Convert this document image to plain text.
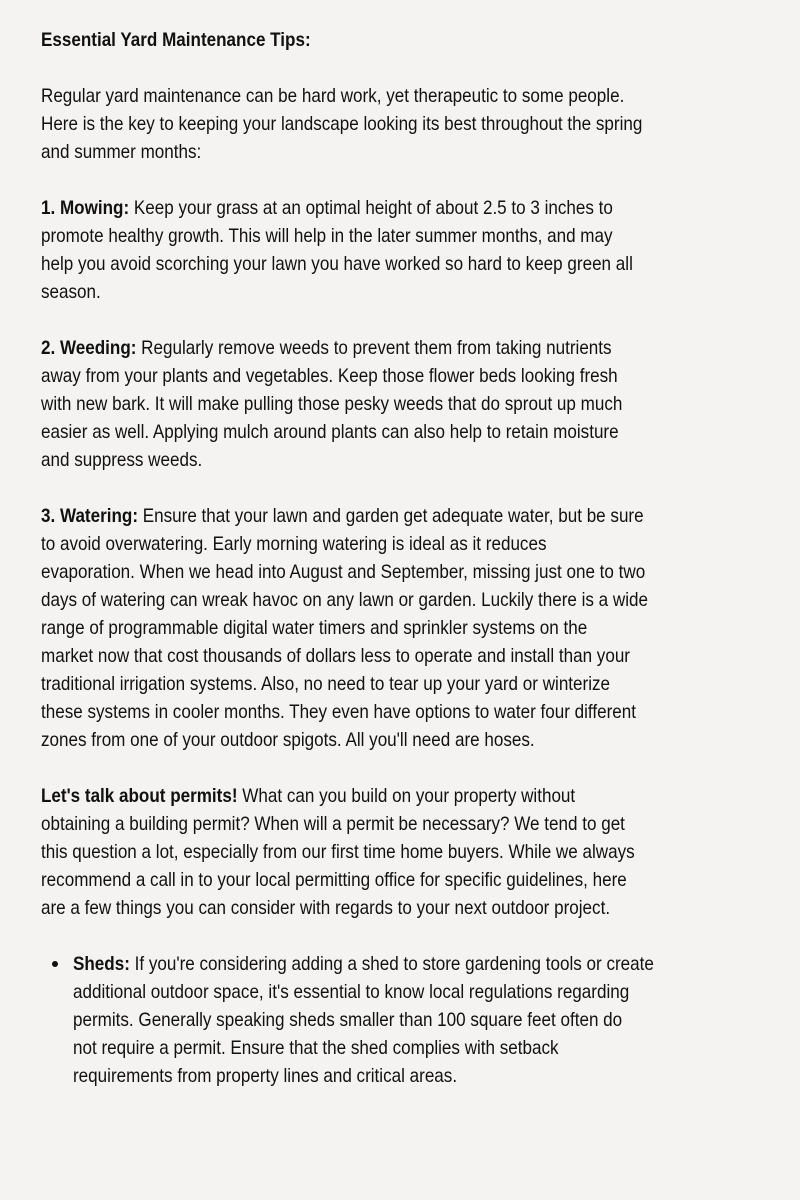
Essential Yard Maintenance Tips:
Regular yard maintenance can be hard work, yet therapeutic to some people.
Here is the key to keeping your landscape looking its best throughout the spring
and summer months:
1. Mowing: Keep your grass at an optimal height of about 2.5 to 3 inches to
promote healthy growth. This will help in the later summer months, and may
help you avoid scorching your lawn you have worked so hard to keep green all
season.
2. Weeding: Regularly remove weeds to prevent them from taking nutrients
away from your plants and vegetables. Keep those flower beds looking fresh
with new bark. It will make pulling those pesky weeds that do sprout up much
easier as well. Applying mulch around plants can also help to retain moisture
and suppress weeds.
3. Watering: Ensure that your lawn and garden get adequate water, but be sure
to avoid overwatering. Early morning watering is ideal as it reduces
evaporation. When we head into August and September, missing just one to two
days of watering can wreak havoc on any lawn or garden. Luckily there is a wide
range of programmable digital water timers and sprinkler systems on the
market now that cost thousands of dollars less to operate and install than your
traditional irrigation systems. Also, no need to tear up your yard or winterize
these systems in cooler months. They even have options to water four different
zones from one of your outdoor spigots. All you'll need are hoses.
Let's talk about permits! What can you build on your property without
obtaining a building permit? When will a permit be necessary? We tend to get
this question a lot, especially from our first time home buyers. While we always
recommend a call in to your local permitting office for specific guidelines, here
are a few things you can consider with regards to your next outdoor project.
Sheds: If you're considering adding a shed to store gardening tools or create
additional outdoor space, it's essential to know local regulations regarding
permits. Generally speaking sheds smaller than 100 square feet often do
not require a permit. Ensure that the shed complies with setback
requirements from property lines and critical areas.
